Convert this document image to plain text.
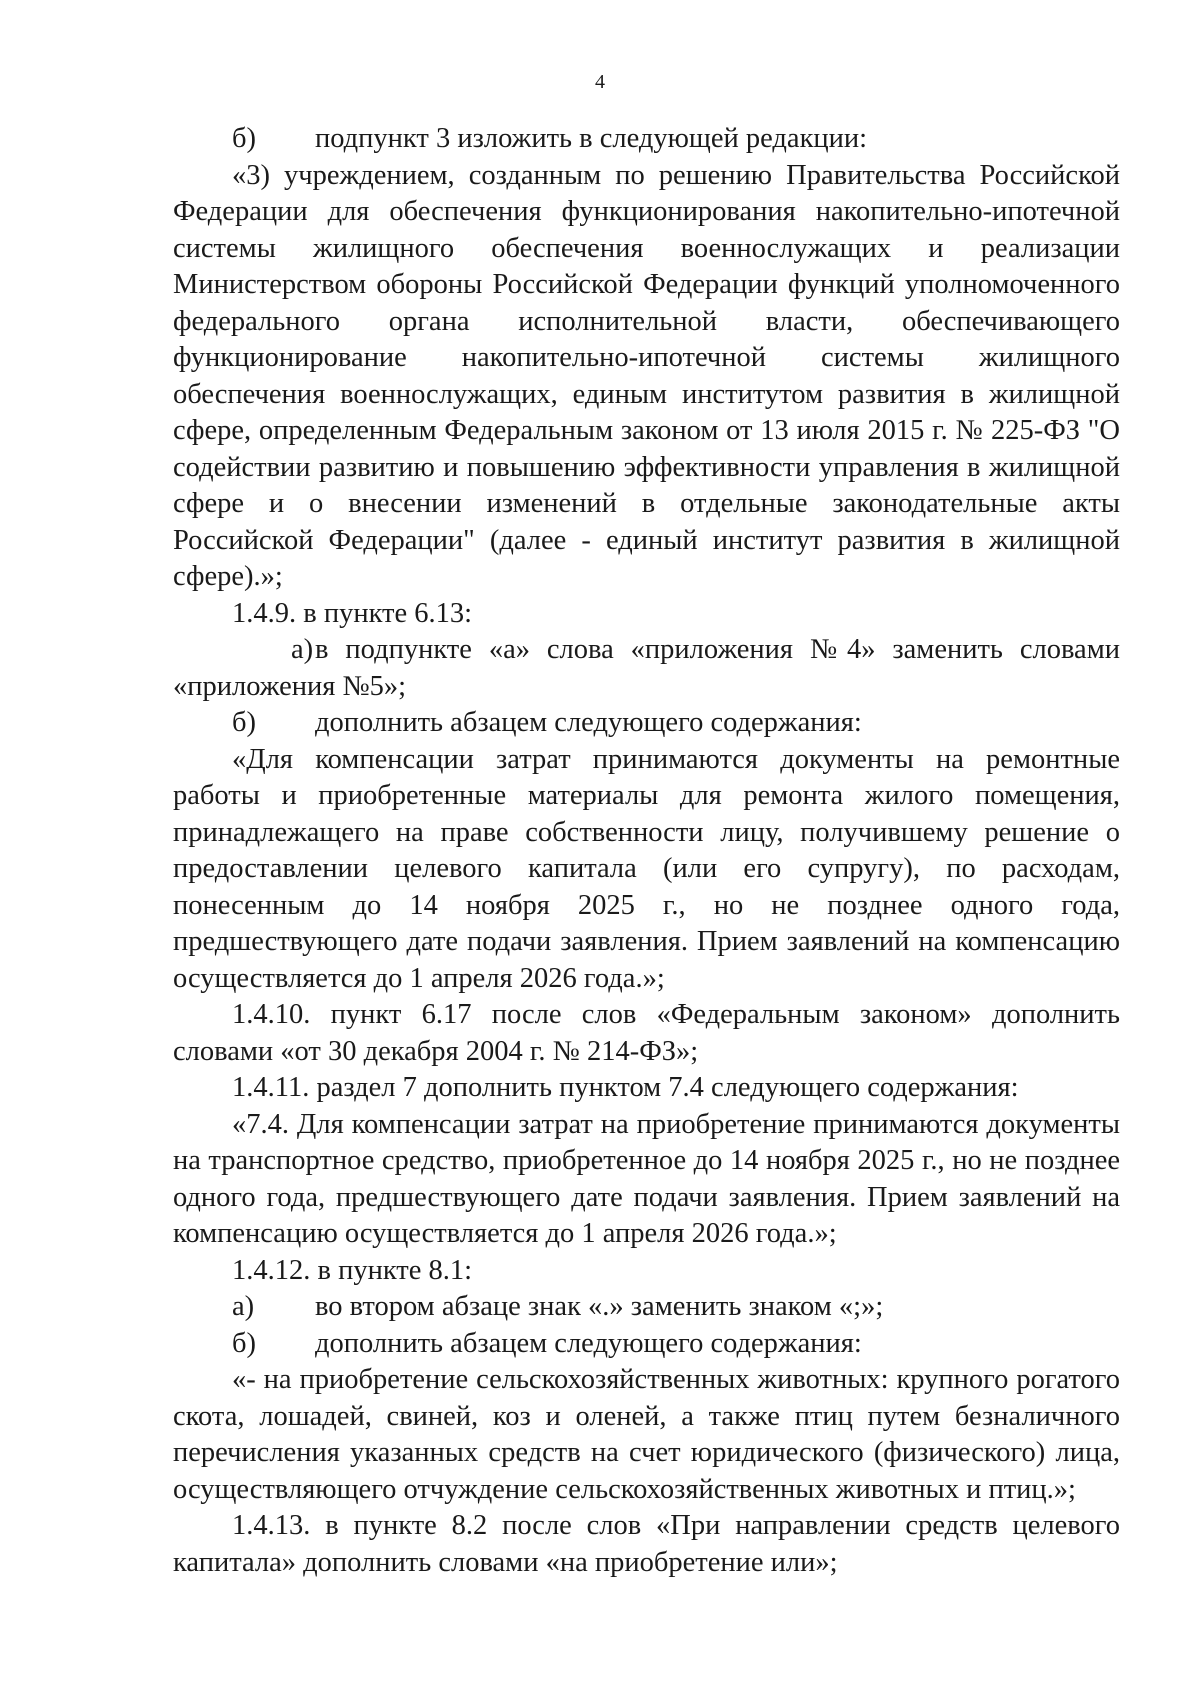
4

б) подпункт 3 изложить в следующей редакции:

«3) учреждением, созданным по решению Правительства Российской Федерации для обеспечения функционирования накопительно-ипотечной системы жилищного обеспечения военнослужащих и реализации Министерством обороны Российской Федерации функций уполномоченного федерального органа исполнительной власти, обеспечивающего функционирование накопительно-ипотечной системы жилищного обеспечения военнослужащих, единым институтом развития в жилищной сфере, определенным Федеральным законом от 13 июля 2015 г. № 225-ФЗ "О содействии развитию и повышению эффективности управления в жилищной сфере и о внесении изменений в отдельные законодательные акты Российской Федерации" (далее - единый институт развития в жилищной сфере).»;

1.4.9. в пункте 6.13:

а)в подпункте «а» слова «приложения №4» заменить словами «приложения №5»;

б) дополнить абзацем следующего содержания:

«Для компенсации затрат принимаются документы на ремонтные работы и приобретенные материалы для ремонта жилого помещения, принадлежащего на праве собственности лицу, получившему решение о предоставлении целевого капитала (или его супругу), по расходам, понесенным до 14 ноября 2025 г., но не позднее одного года, предшествующего дате подачи заявления. Прием заявлений на компенсацию осуществляется до 1 апреля 2026 года.»;

1.4.10. пункт 6.17 после слов «Федеральным законом» дополнить словами «от 30 декабря 2004 г. № 214-ФЗ»;

1.4.11. раздел 7 дополнить пунктом 7.4 следующего содержания:

«7.4. Для компенсации затрат на приобретение принимаются документы на транспортное средство, приобретенное до 14 ноября 2025 г., но не позднее одного года, предшествующего дате подачи заявления. Прием заявлений на компенсацию осуществляется до 1 апреля 2026 года.»;

1.4.12. в пункте 8.1:

а) во втором абзаце знак «.» заменить знаком «;»;

б) дополнить абзацем следующего содержания:

«- на приобретение сельскохозяйственных животных: крупного рогатого скота, лошадей, свиней, коз и оленей, а также птиц путем безналичного перечисления указанных средств на счет юридического (физического) лица, осуществляющего отчуждение сельскохозяйственных животных и птиц.»;

1.4.13. в пункте 8.2 после слов «При направлении средств целевого капитала» дополнить словами «на приобретение или»;
